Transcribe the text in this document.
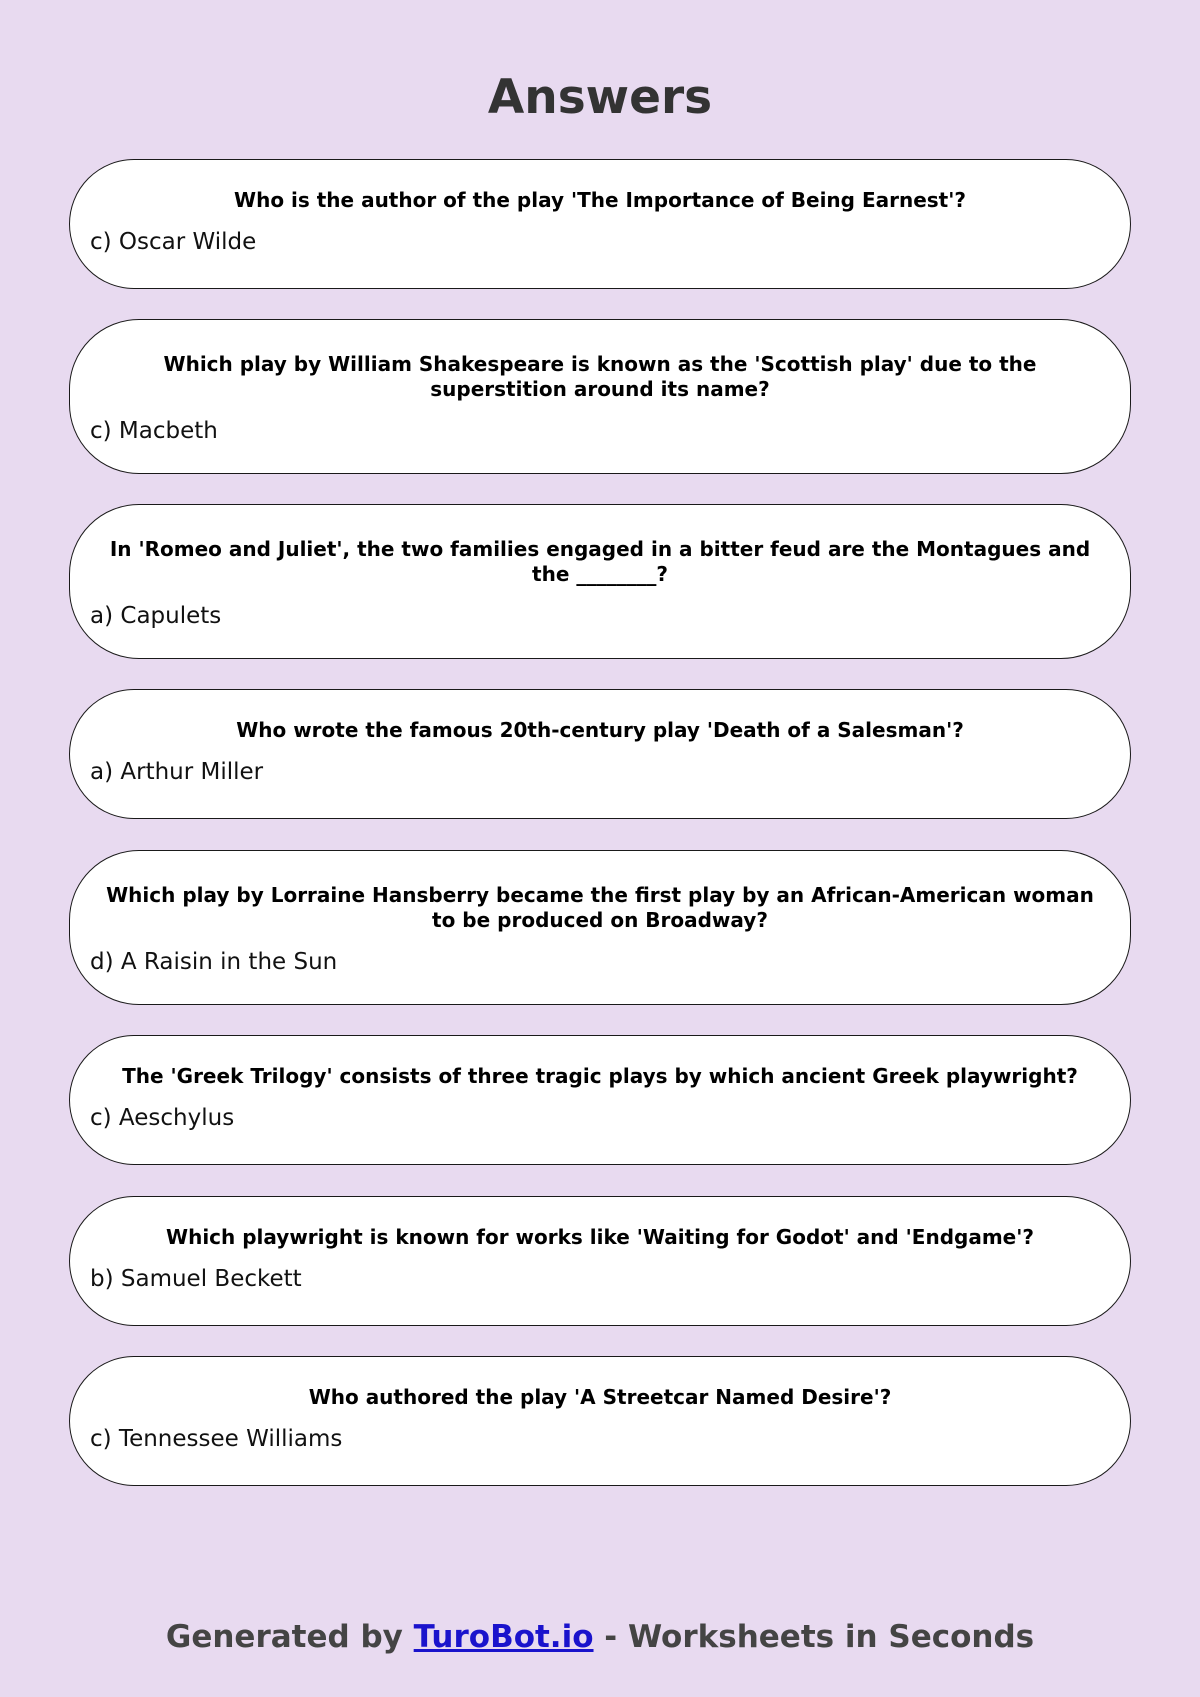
Answers

Who is the author of the play 'The Importance of Being Earnest'?

c) Oscar Wilde

Which play by William Shakespeare is known as the 'Scottish play' due to the superstition around its name?

c) Macbeth

In 'Romeo and Juliet', the two families engaged in a bitter feud are the Montagues and the ________?

a) Capulets

Who wrote the famous 20th-century play 'Death of a Salesman'?

a) Arthur Miller

Which play by Lorraine Hansberry became the first play by an African-American woman to be produced on Broadway?

d) A Raisin in the Sun

The 'Greek Trilogy' consists of three tragic plays by which ancient Greek playwright?

c) Aeschylus

Which playwright is known for works like 'Waiting for Godot' and 'Endgame'?

b) Samuel Beckett

Who authored the play 'A Streetcar Named Desire'?

c) Tennessee Williams

Generated by TuroBot.io - Worksheets in Seconds
